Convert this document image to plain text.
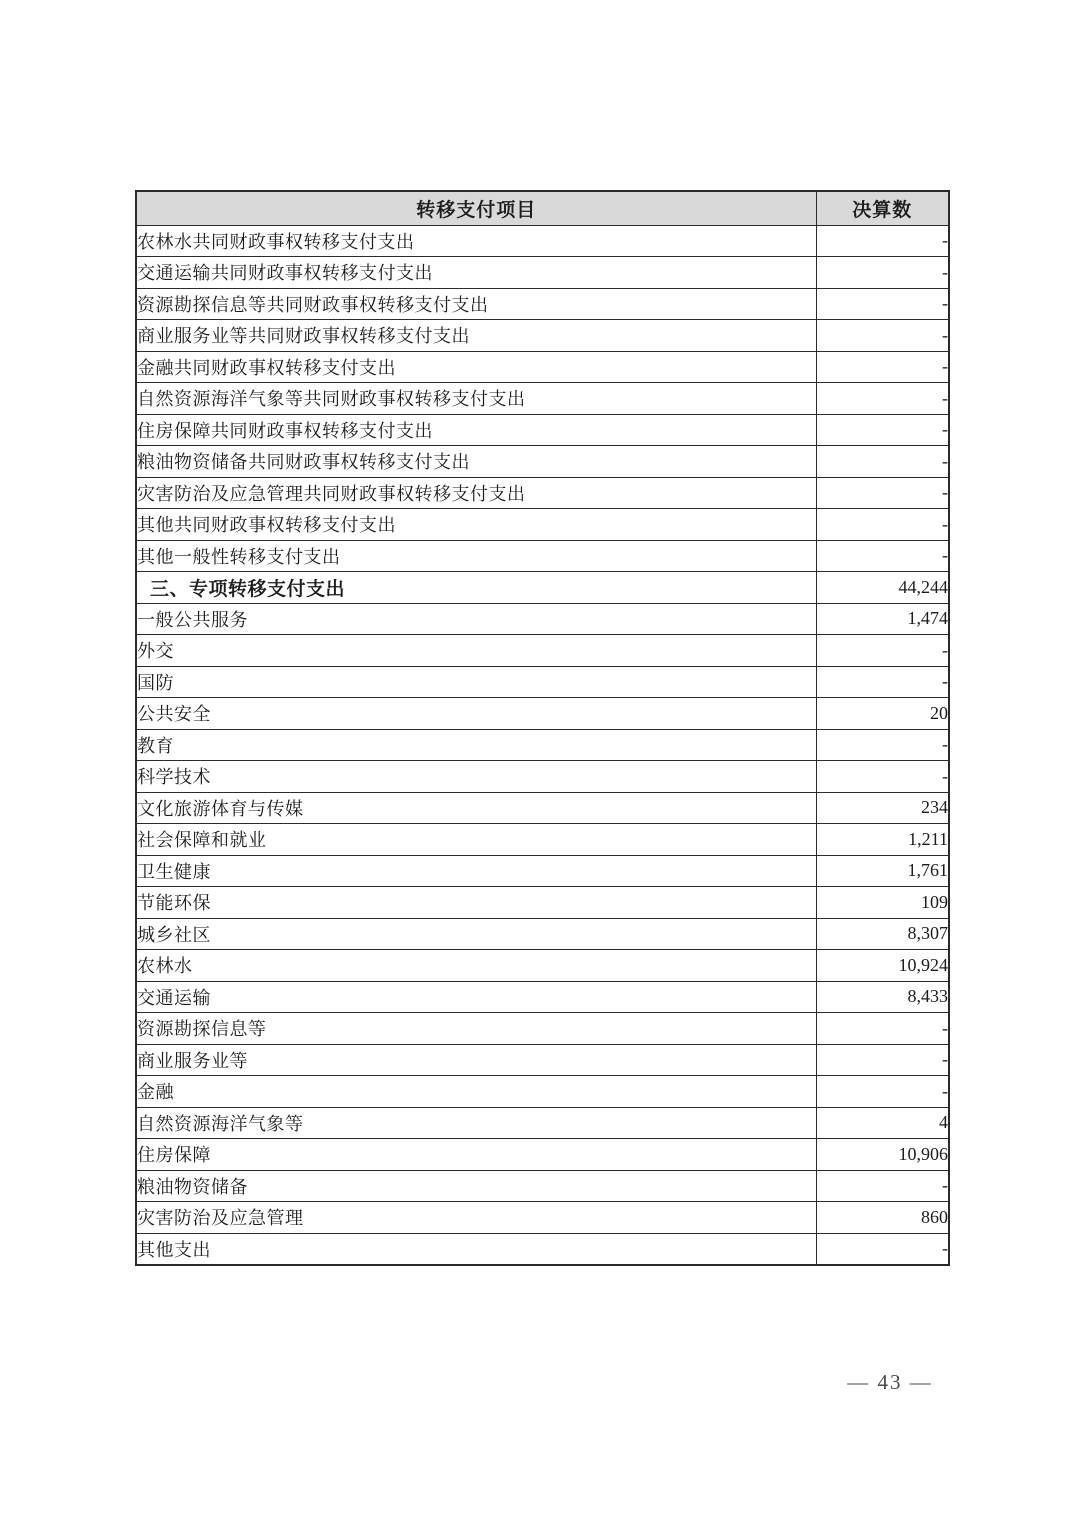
转移支付项目	决算数
农林水共同财政事权转移支付支出	-
交通运输共同财政事权转移支付支出	-
资源勘探信息等共同财政事权转移支付支出	-
商业服务业等共同财政事权转移支付支出	-
金融共同财政事权转移支付支出	-
自然资源海洋气象等共同财政事权转移支付支出	-
住房保障共同财政事权转移支付支出	-
粮油物资储备共同财政事权转移支付支出	-
灾害防治及应急管理共同财政事权转移支付支出	-
其他共同财政事权转移支付支出	-
其他一般性转移支付支出	-
三、专项转移支付支出	44,244
一般公共服务	1,474
外交	-
国防	-
公共安全	20
教育	-
科学技术	-
文化旅游体育与传媒	234
社会保障和就业	1,211
卫生健康	1,761
节能环保	109
城乡社区	8,307
农林水	10,924
交通运输	8,433
资源勘探信息等	-
商业服务业等	-
金融	-
自然资源海洋气象等	4
住房保障	10,906
粮油物资储备	-
灾害防治及应急管理	860
其他支出	-
— 43 —
